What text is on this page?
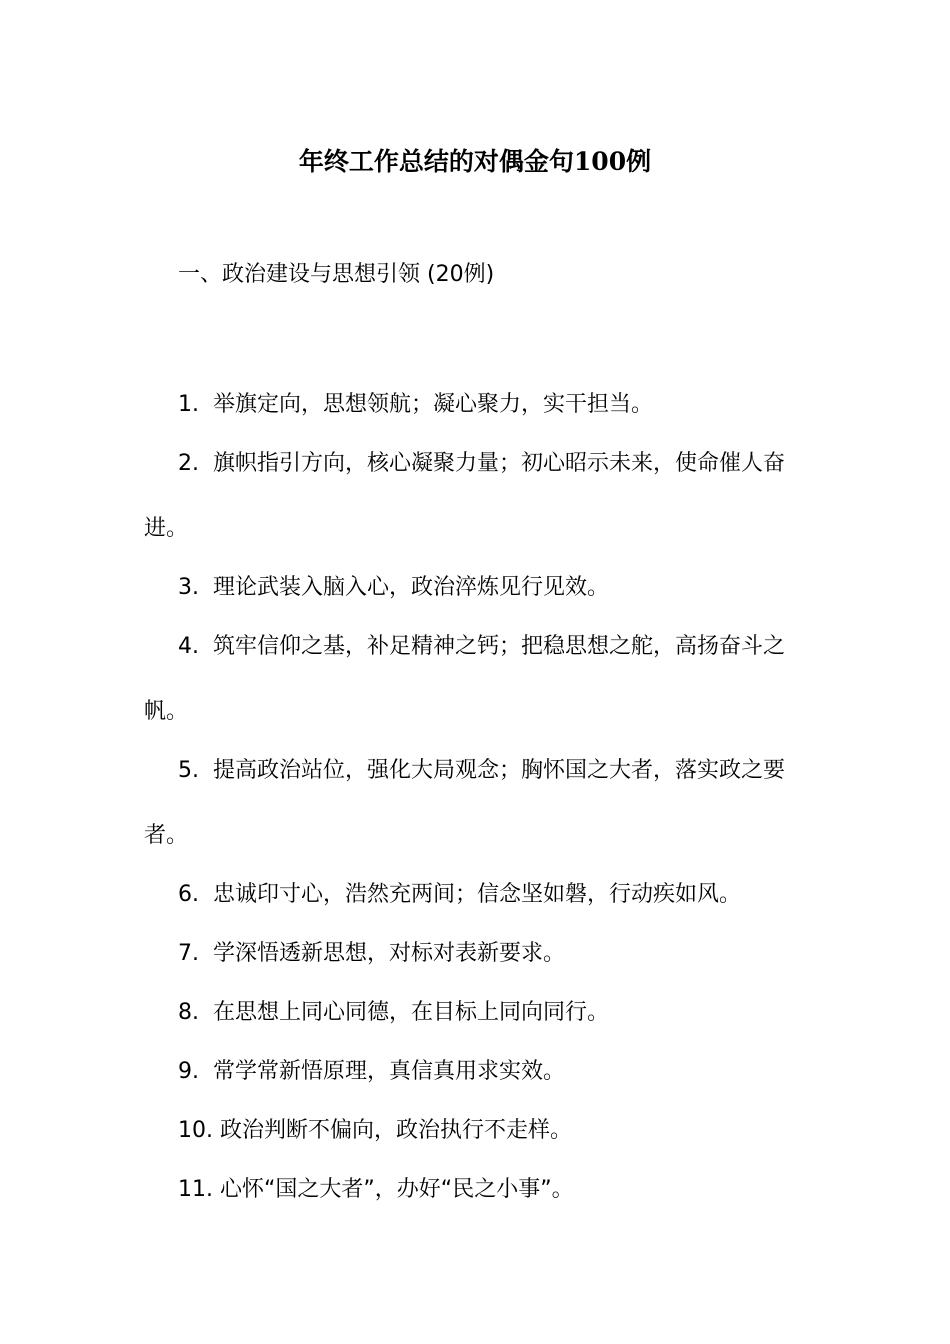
年终工作总结的对偶金句100例

一、政治建设与思想引领 (20例)

1. 举旗定向，思想领航；凝心聚力，实干担当。
2. 旗帜指引方向，核心凝聚力量；初心昭示未来，使命催人奋进。
3. 理论武装入脑入心，政治淬炼见行见效。
4. 筑牢信仰之基，补足精神之钙；把稳思想之舵，高扬奋斗之帆。
5. 提高政治站位，强化大局观念；胸怀国之大者，落实政之要者。
6. 忠诚印寸心，浩然充两间；信念坚如磐，行动疾如风。
7. 学深悟透新思想，对标对表新要求。
8. 在思想上同心同德，在目标上同向同行。
9. 常学常新悟原理，真信真用求实效。
10. 政治判断不偏向，政治执行不走样。
11. 心怀“国之大者”，办好“民之小事”。
